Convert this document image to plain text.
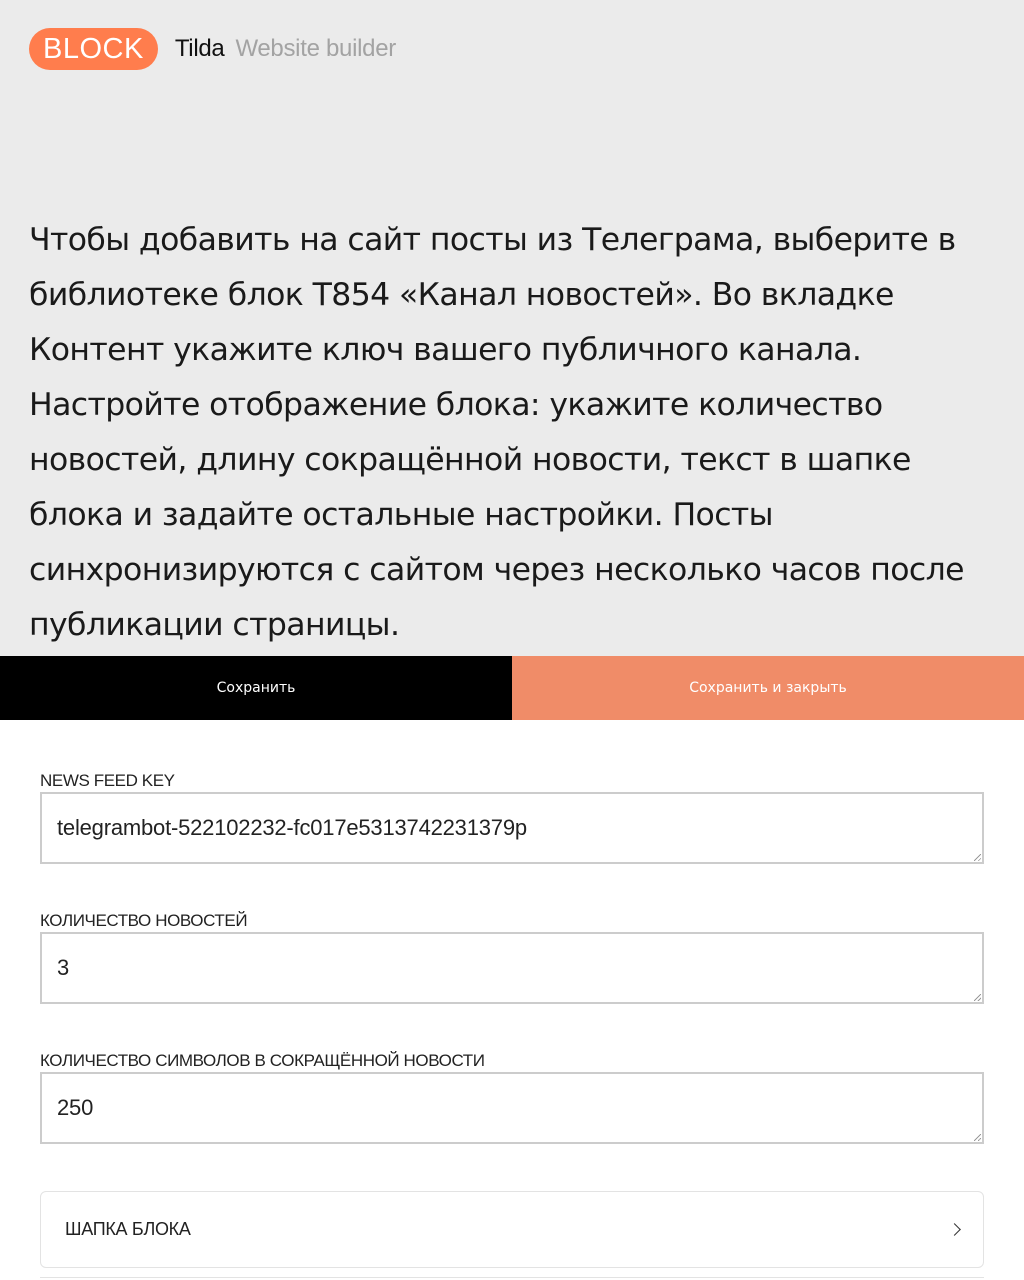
BLOCK	Tilda Website builder

Чтобы добавить на сайт посты из Телеграма, выберите в библиотеке блок T854 «Канал новостей». Во вкладке Контент укажите ключ вашего публичного канала. Настройте отображение блока: укажите количество новостей, длину сокращённой новости, текст в шапке блока и задайте остальные настройки. Посты синхронизируются с сайтом через несколько часов после публикации страницы.

Сохранить	Сохранить и закрыть
NEWS FEED KEY
telegrambot-522102232-fc017e5313742231379p
КОЛИЧЕСТВО НОВОСТЕЙ
3
КОЛИЧЕСТВО СИМВОЛОВ В СОКРАЩЁННОЙ НОВОСТИ
250
ШАПКА БЛОКА
